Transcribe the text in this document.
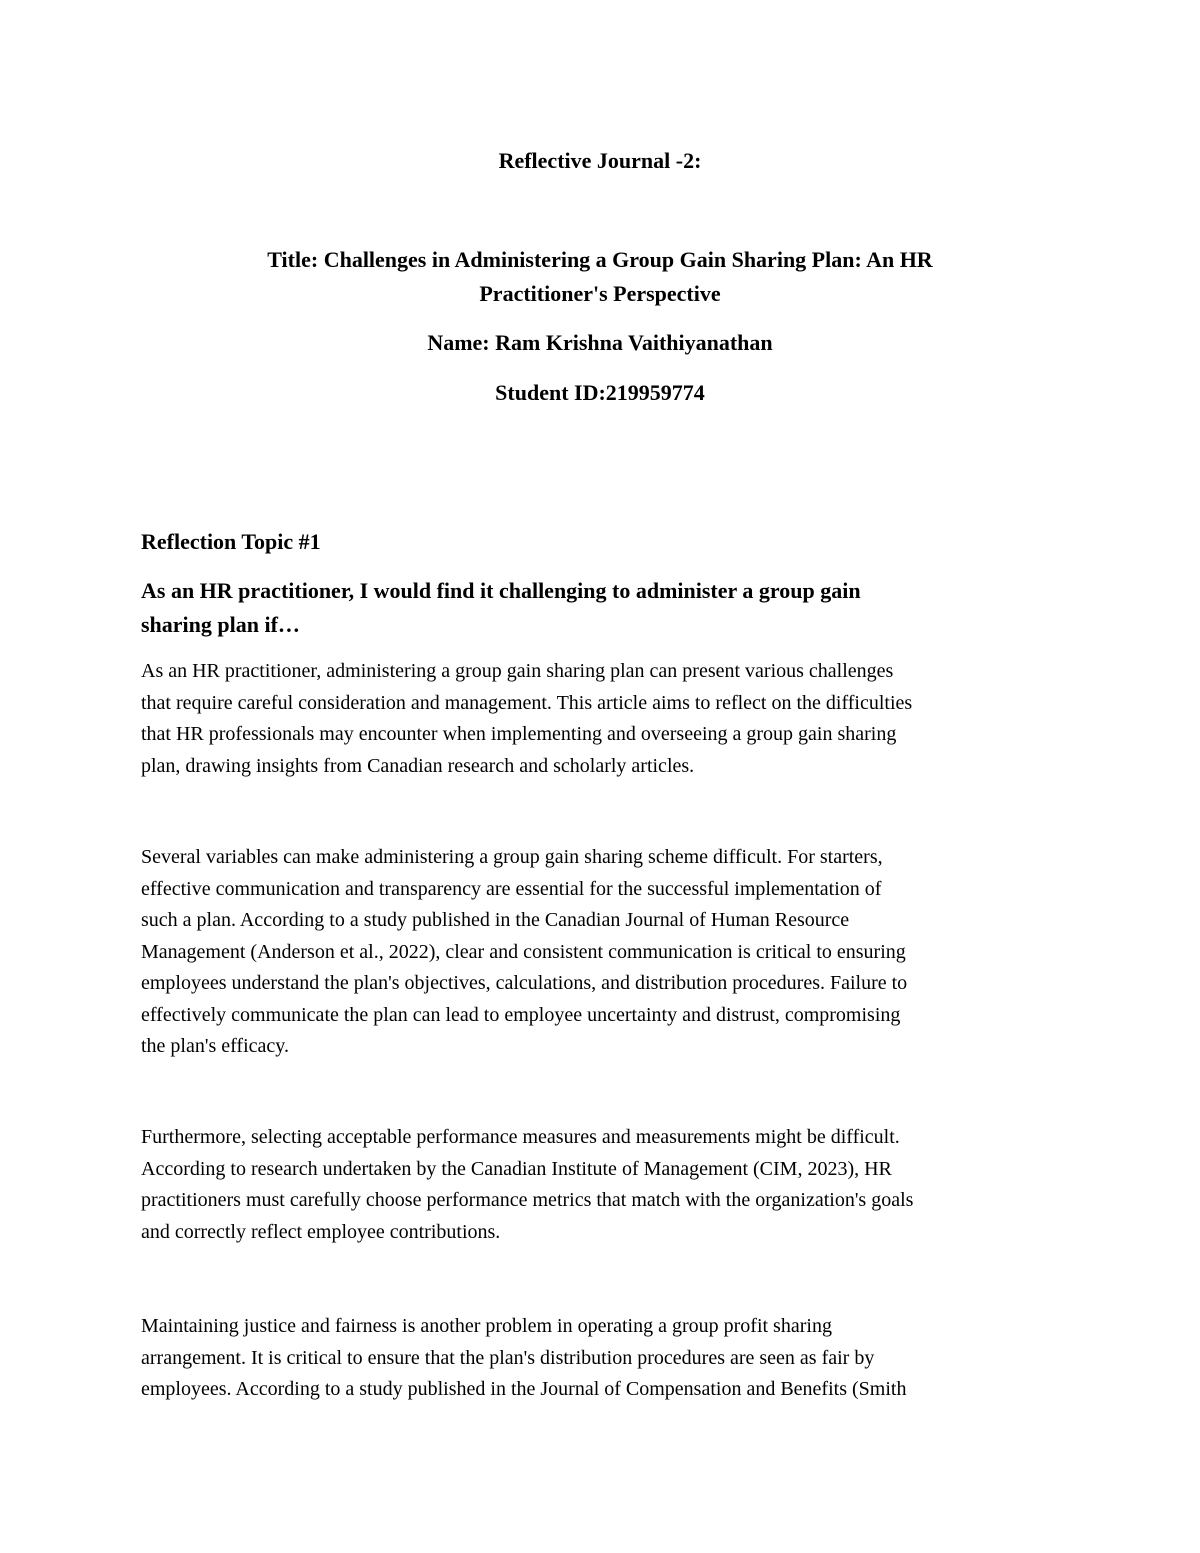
Reflective Journal -2:
Title: Challenges in Administering a Group Gain Sharing Plan: An HR
Practitioner's Perspective
Name: Ram Krishna Vaithiyanathan
Student ID:219959774
Reflection Topic #1
As an HR practitioner, I would find it challenging to administer a group gain
sharing plan if…
As an HR practitioner, administering a group gain sharing plan can present various challenges
that require careful consideration and management. This article aims to reflect on the difficulties
that HR professionals may encounter when implementing and overseeing a group gain sharing
plan, drawing insights from Canadian research and scholarly articles.
Several variables can make administering a group gain sharing scheme difficult. For starters,
effective communication and transparency are essential for the successful implementation of
such a plan. According to a study published in the Canadian Journal of Human Resource
Management (Anderson et al., 2022), clear and consistent communication is critical to ensuring
employees understand the plan's objectives, calculations, and distribution procedures. Failure to
effectively communicate the plan can lead to employee uncertainty and distrust, compromising
the plan's efficacy.
Furthermore, selecting acceptable performance measures and measurements might be difficult.
According to research undertaken by the Canadian Institute of Management (CIM, 2023), HR
practitioners must carefully choose performance metrics that match with the organization's goals
and correctly reflect employee contributions.
Maintaining justice and fairness is another problem in operating a group profit sharing
arrangement. It is critical to ensure that the plan's distribution procedures are seen as fair by
employees. According to a study published in the Journal of Compensation and Benefits (Smith
